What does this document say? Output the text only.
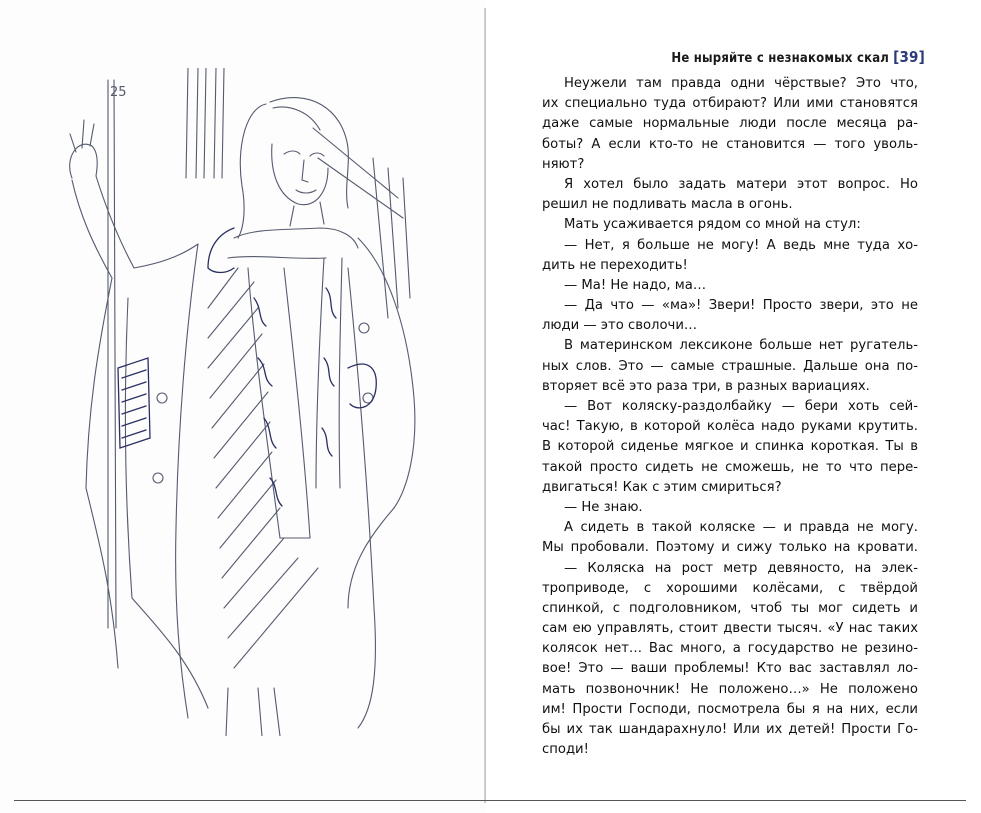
25
Не ныряйте с незнакомых скал [39]
Неужели там правда одни чёрствые? Это что,
их специально туда отбирают? Или ими становятся
даже самые нормальные люди после месяца ра-
боты? А если кто-то не становится — того уволь-
няют?
Я хотел было задать матери этот вопрос. Но
решил не подливать масла в огонь.
Мать усаживается рядом со мной на стул:
— Нет, я больше не могу! А ведь мне туда хо-
дить не переходить!
— Ма! Не надо, ма…
— Да что — «ма»! Звери! Просто звери, это не
люди — это сволочи…
В материнском лексиконе больше нет ругатель-
ных слов. Это — самые страшные. Дальше она по-
вторяет всё это раза три, в разных вариациях.
— Вот коляску-раздолбайку — бери хоть сей-
час! Такую, в которой колёса надо руками крутить.
В которой сиденье мягкое и спинка короткая. Ты в
такой просто сидеть не сможешь, не то что пере-
двигаться! Как с этим смириться?
— Не знаю.
А сидеть в такой коляске — и правда не могу.
Мы пробовали. Поэтому и сижу только на кровати.
— Коляска на рост метр девяносто, на элек-
троприводе, с хорошими колёсами, с твёрдой
спинкой, с подголовником, чтоб ты мог сидеть и
сам ею управлять, стоит двести тысяч. «У нас таких
колясок нет… Вас много, а государство не резино-
вое! Это — ваши проблемы! Кто вас заставлял ло-
мать позвоночник! Не положено…» Не положено
им! Прости Господи, посмотрела бы я на них, если
бы их так шандарахнуло! Или их детей! Прости Го-
споди!
